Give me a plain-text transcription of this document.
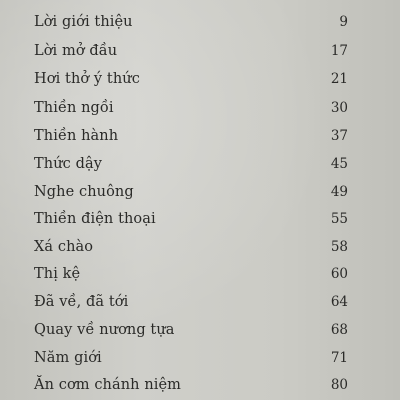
Lời giới thiệu	9
Lời mở đầu	17
Hơi thở ý thức	21
Thiền ngồi	30
Thiền hành	37
Thức dậy	45
Nghe chuông	49
Thiền điện thoại	55
Xá chào	58
Thị kệ	60
Đã về, đã tới	64
Quay về nương tựa	68
Năm giới	71
Ăn cơm chánh niệm	80
